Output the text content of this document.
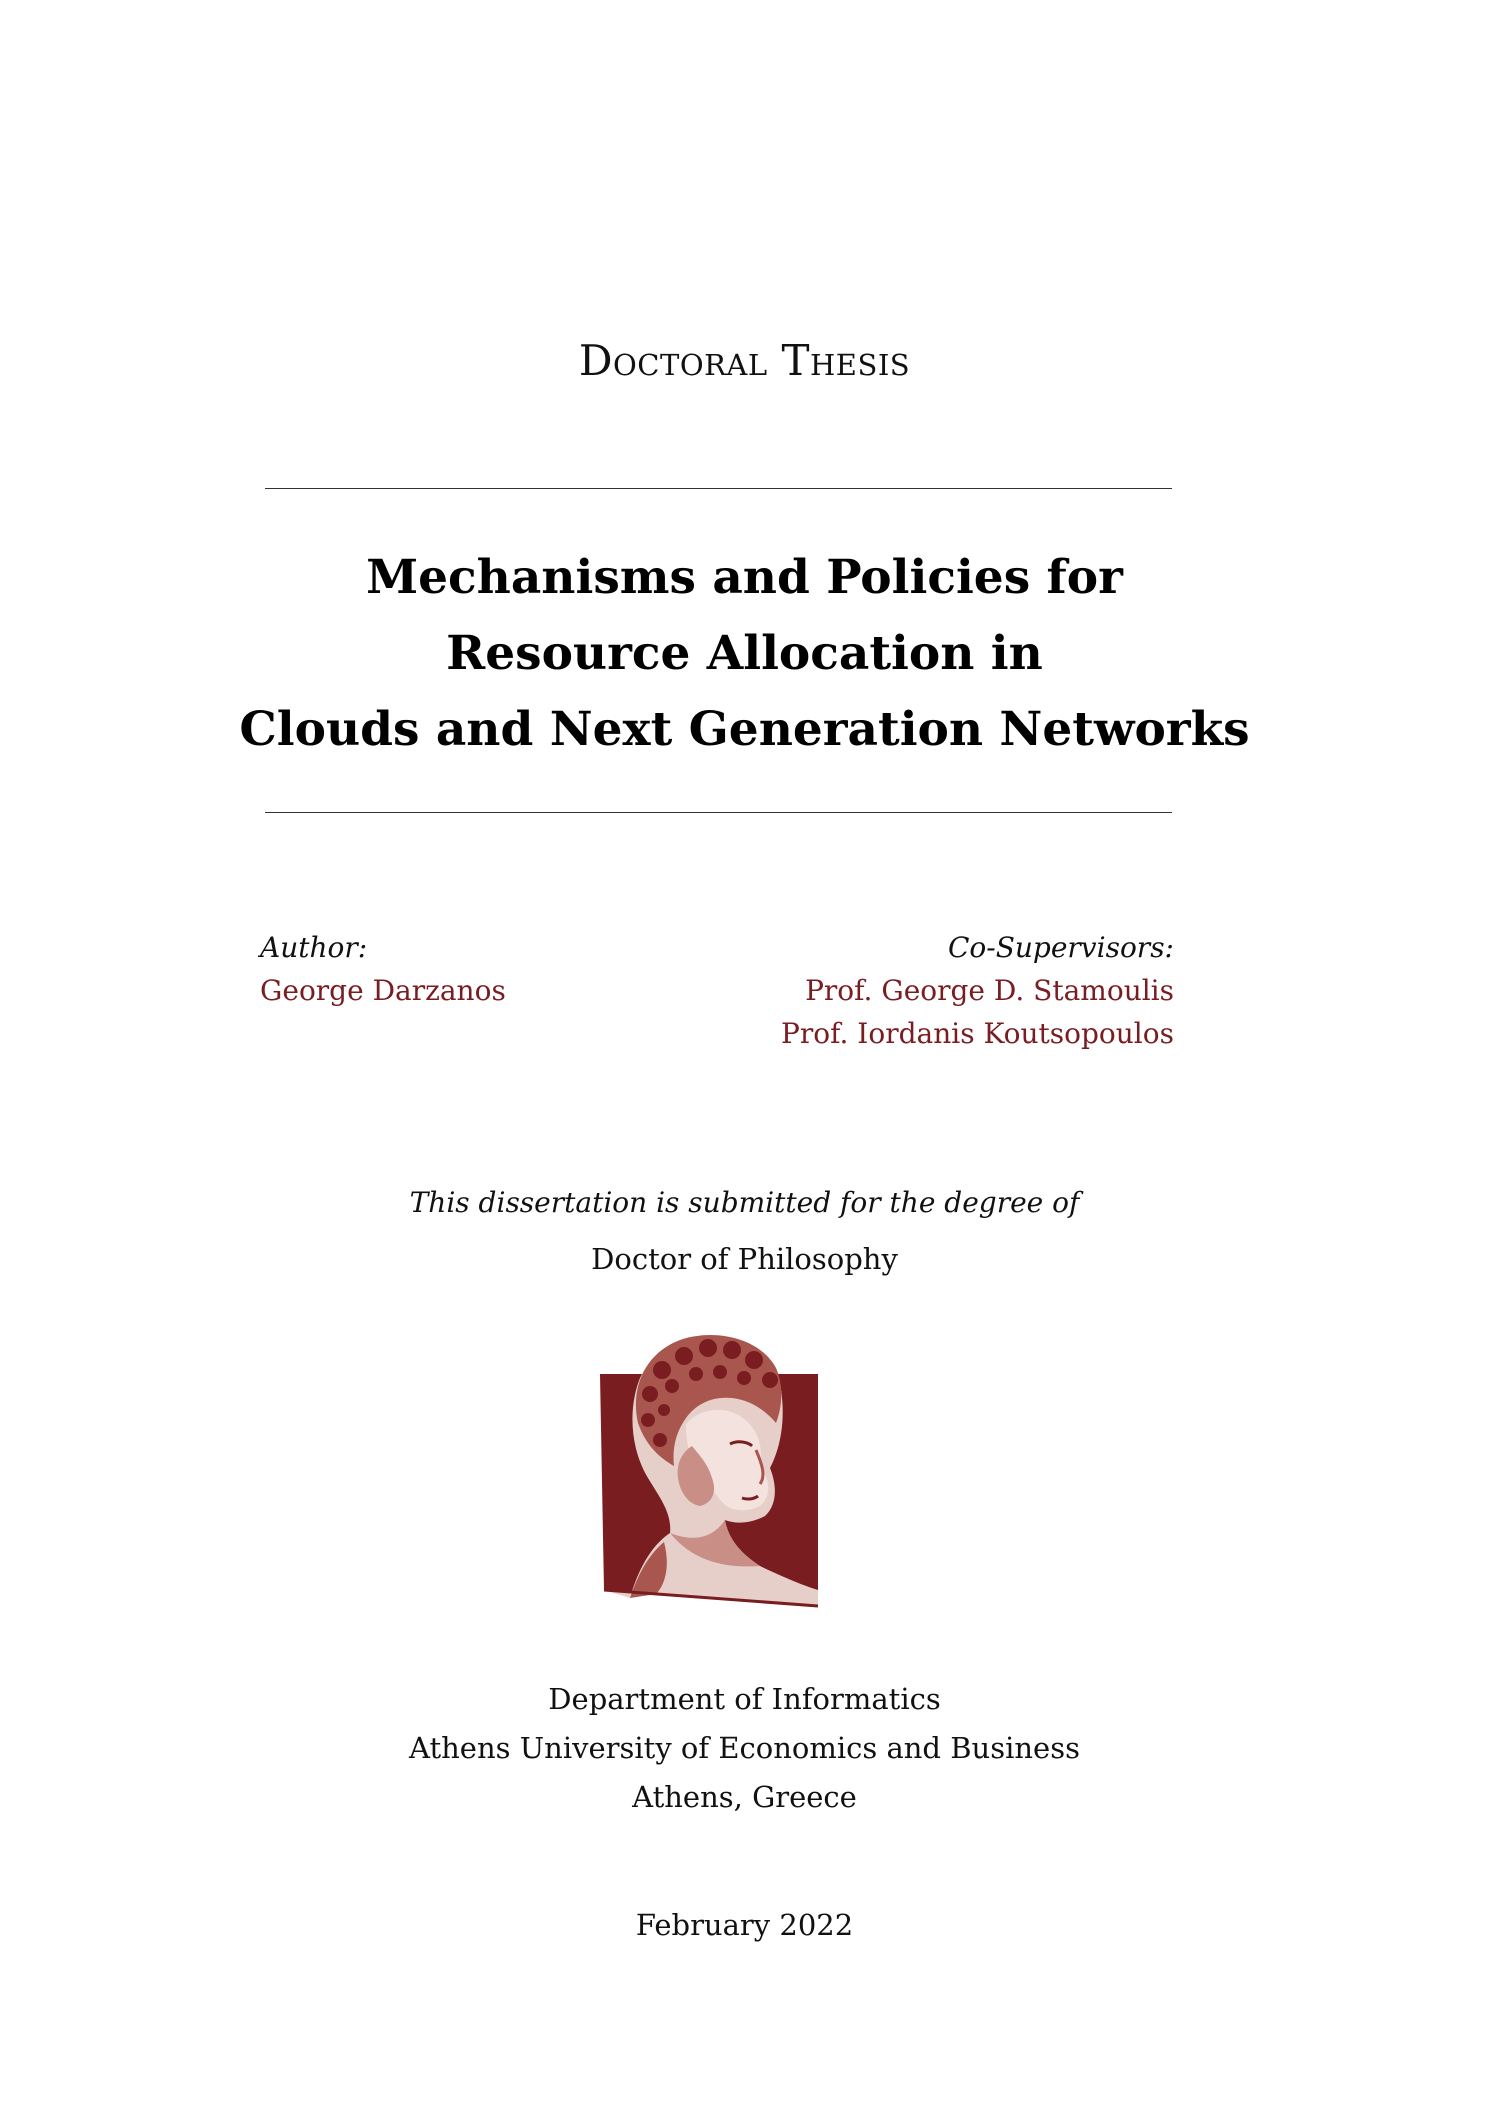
Doctoral Thesis
Mechanisms and Policies for
Resource Allocation in
Clouds and Next Generation Networks
Author:
George Darzanos
Co-Supervisors:
Prof. George D. Stamoulis
Prof. Iordanis Koutsopoulos
This dissertation is submitted for the degree of
Doctor of Philosophy
Department of Informatics
Athens University of Economics and Business
Athens, Greece
February 2022
